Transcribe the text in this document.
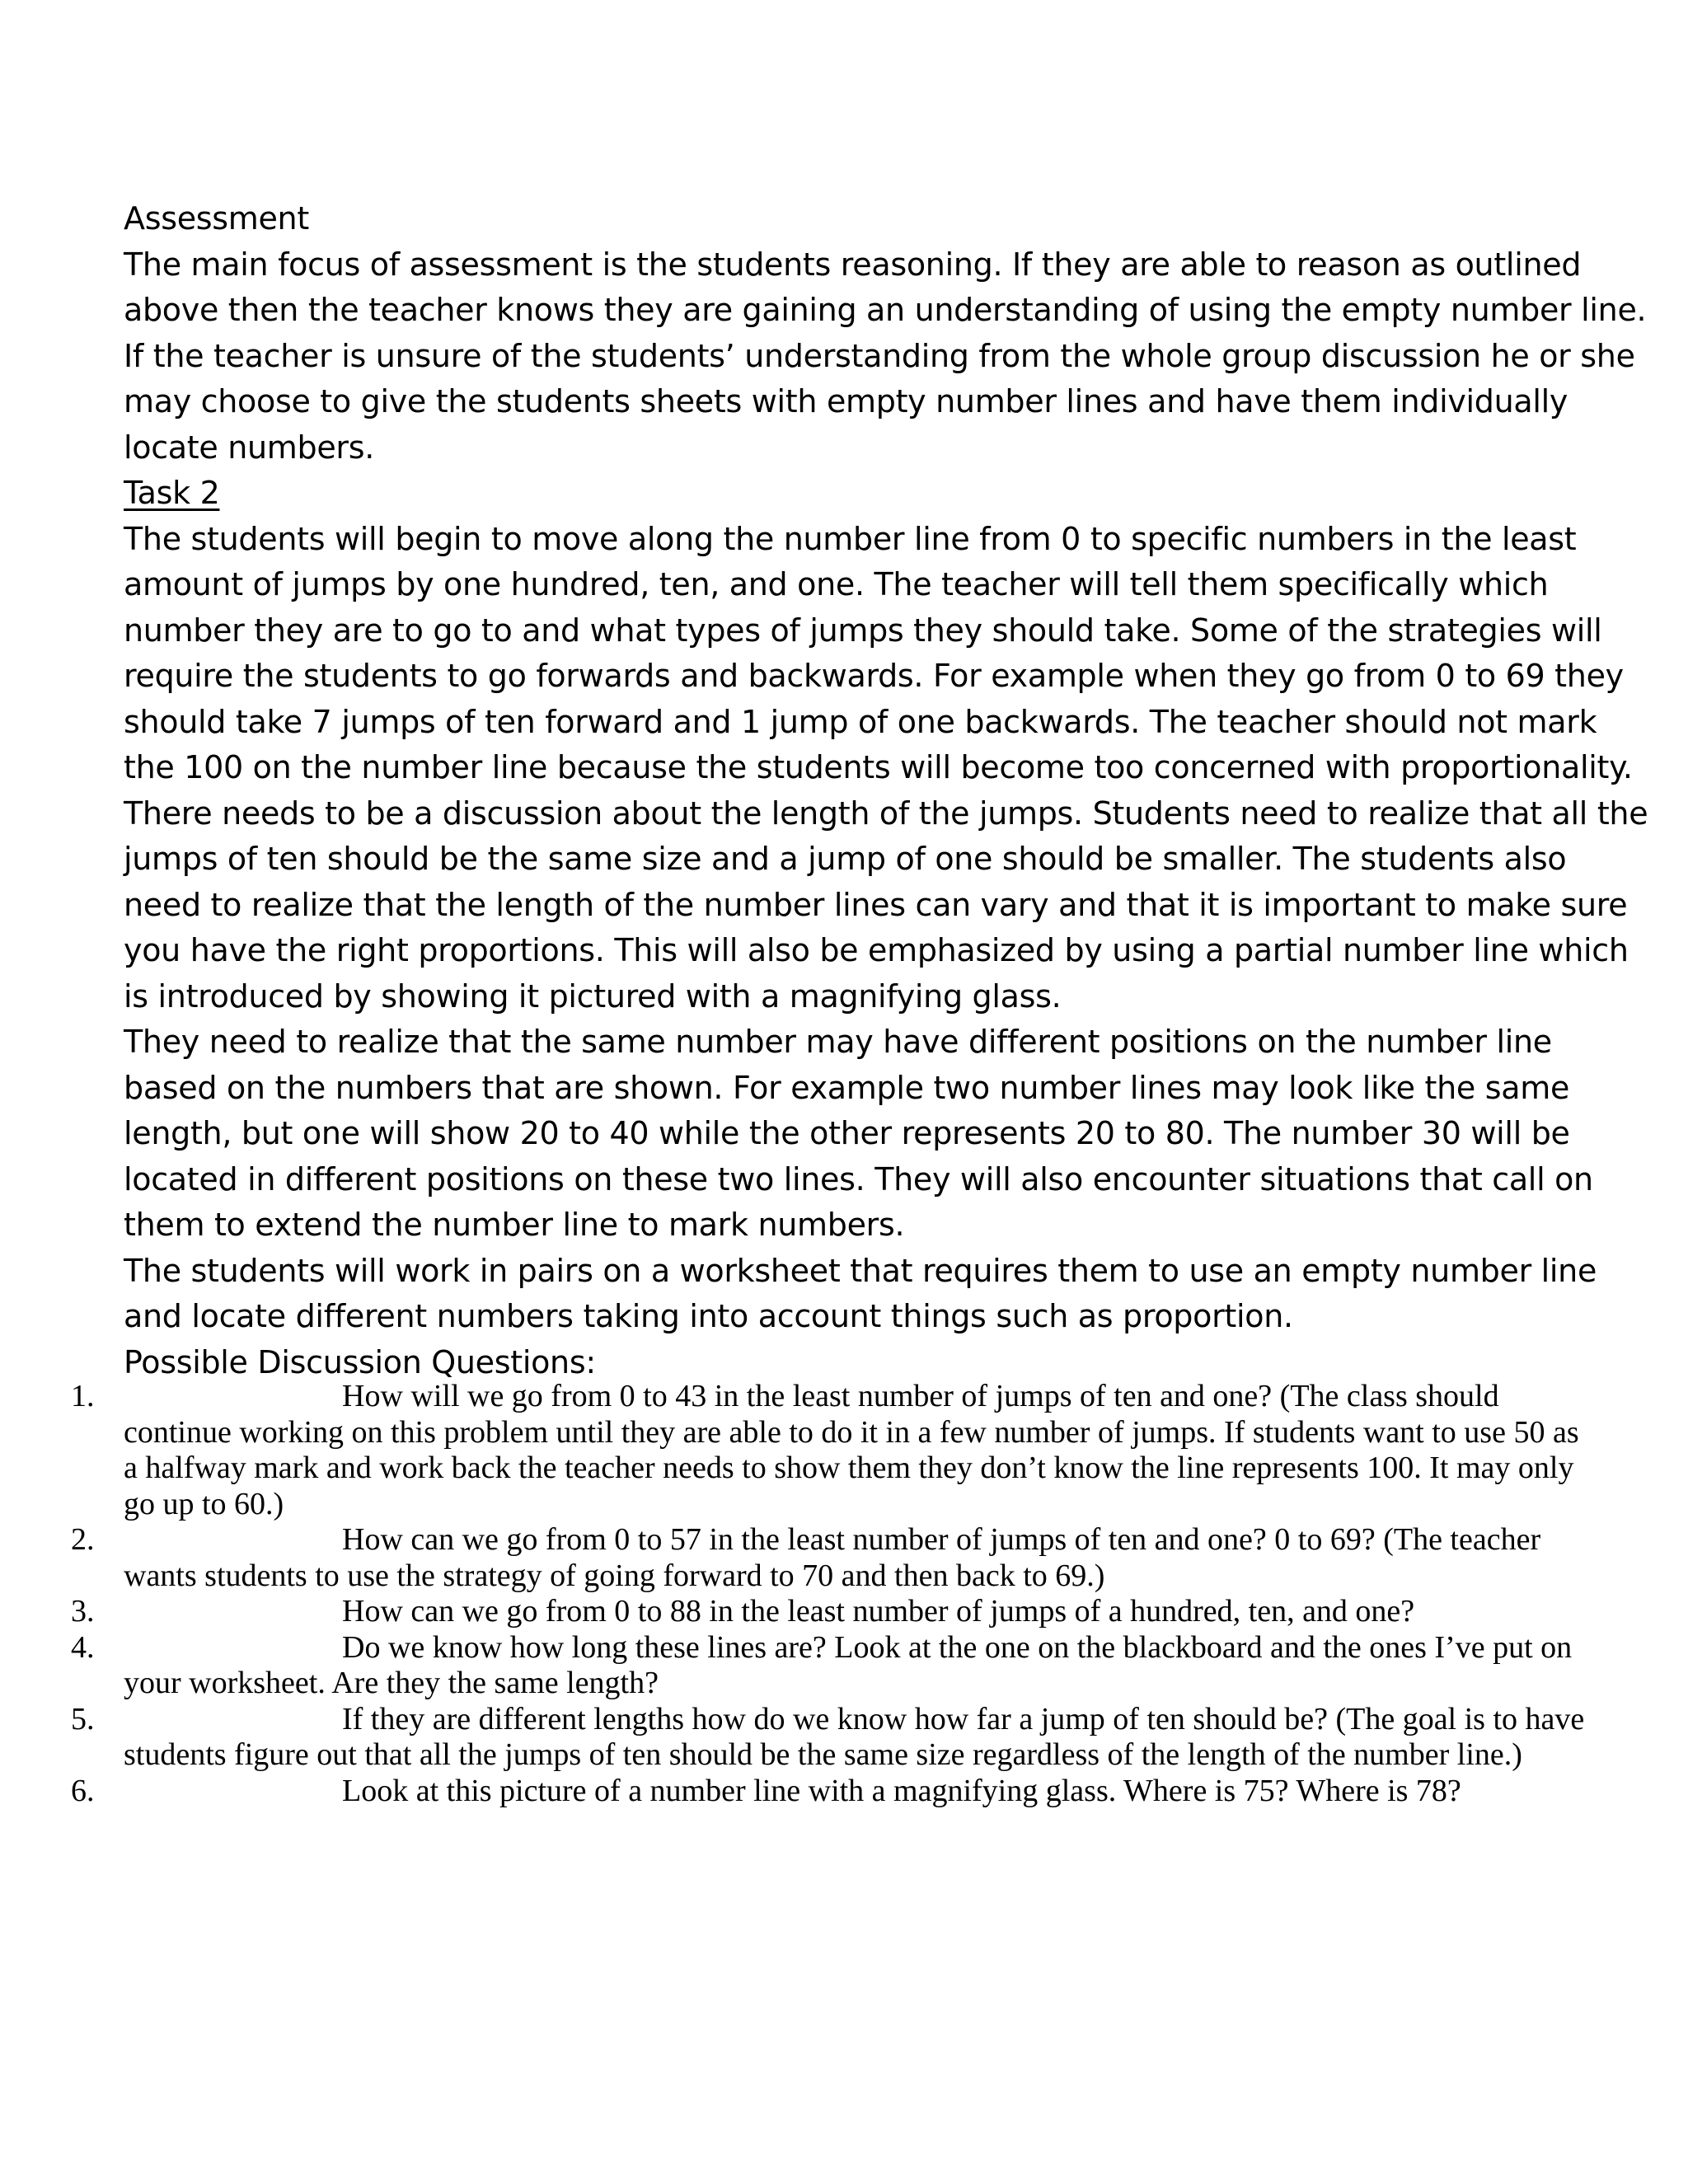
Assessment

The main focus of assessment is the students reasoning. If they are able to reason as outlined above then the teacher knows they are gaining an understanding of using the empty number line. If the teacher is unsure of the students’ understanding from the whole group discussion he or she may choose to give the students sheets with empty number lines and have them individually locate numbers.

Task 2

The students will begin to move along the number line from 0 to specific numbers in the least amount of jumps by one hundred, ten, and one. The teacher will tell them specifically which number they are to go to and what types of jumps they should take. Some of the strategies will require the students to go forwards and backwards. For example when they go from 0 to 69 they should take 7 jumps of ten forward and 1 jump of one backwards. The teacher should not mark the 100 on the number line because the students will become too concerned with proportionality. There needs to be a discussion about the length of the jumps. Students need to realize that all the jumps of ten should be the same size and a jump of one should be smaller. The students also need to realize that the length of the number lines can vary and that it is important to make sure you have the right proportions. This will also be emphasized by using a partial number line which is introduced by showing it pictured with a magnifying glass.

They need to realize that the same number may have different positions on the number line based on the numbers that are shown. For example two number lines may look like the same length, but one will show 20 to 40 while the other represents 20 to 80. The number 30 will be located in different positions on these two lines. They will also encounter situations that call on them to extend the number line to mark numbers.

The students will work in pairs on a worksheet that requires them to use an empty number line and locate different numbers taking into account things such as proportion.

Possible Discussion Questions:

1.	How will we go from 0 to 43 in the least number of jumps of ten and one? (The class should continue working on this problem until they are able to do it in a few number of jumps. If students want to use 50 as a halfway mark and work back the teacher needs to show them they don’t know the line represents 100. It may only go up to 60.)
2.	How can we go from 0 to 57 in the least number of jumps of ten and one? 0 to 69? (The teacher wants students to use the strategy of going forward to 70 and then back to 69.)
3.	How can we go from 0 to 88 in the least number of jumps of a hundred, ten, and one?
4.	Do we know how long these lines are? Look at the one on the blackboard and the ones I’ve put on your worksheet. Are they the same length?
5.	If they are different lengths how do we know how far a jump of ten should be? (The goal is to have students figure out that all the jumps of ten should be the same size regardless of the length of the number line.)
6.	Look at this picture of a number line with a magnifying glass. Where is 75? Where is 78?
